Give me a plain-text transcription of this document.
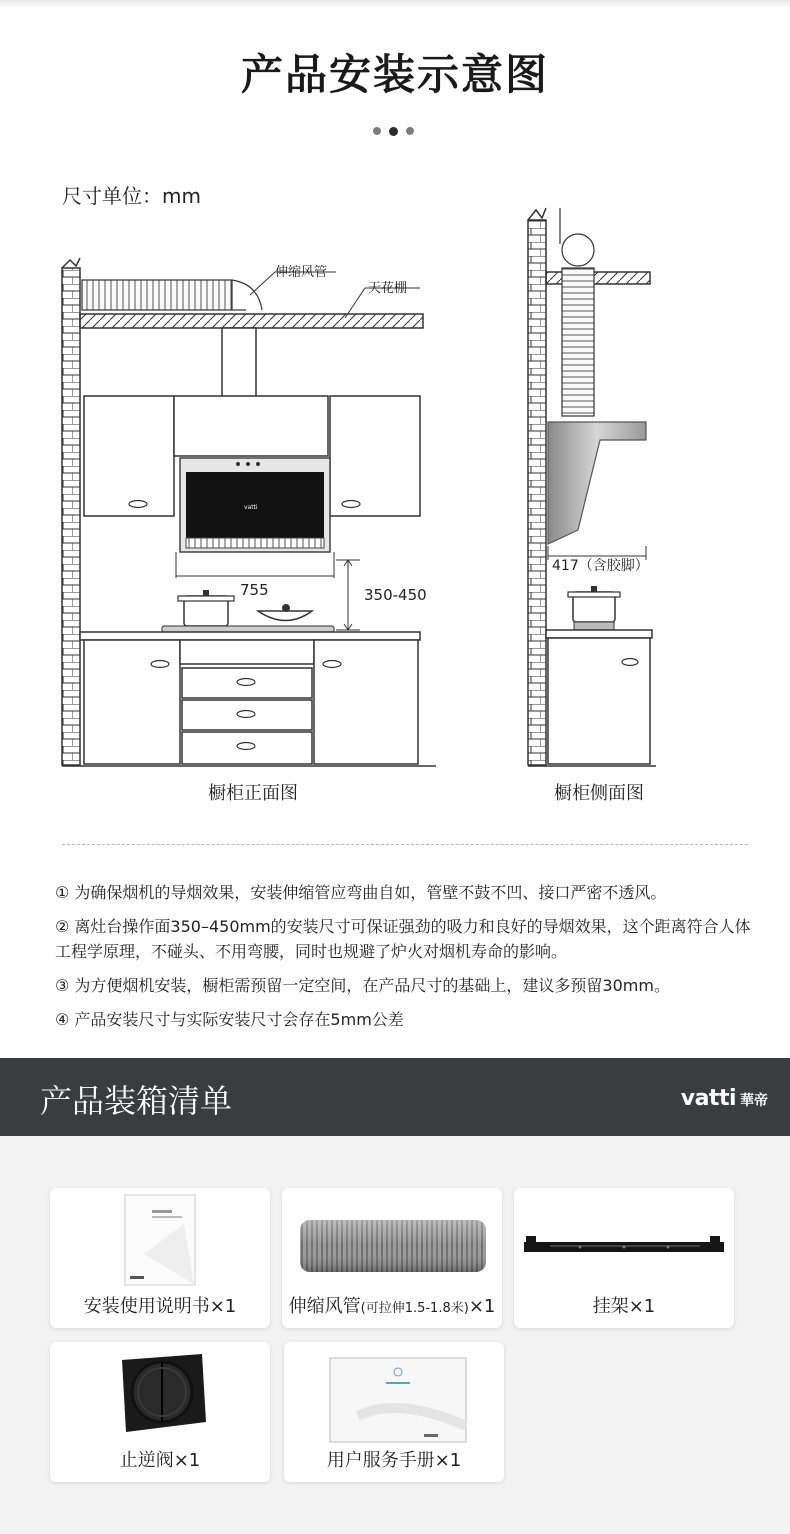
产品安装示意图
尺寸单位：mm
vatti
755	350-450
伸缩风管
天花棚
417（含胶脚）
橱柜正面图	橱柜侧面图

① 为确保烟机的导烟效果，安装伸缩管应弯曲自如，管壁不鼓不凹、接口严密不透风。

② 离灶台操作面350–450mm的安装尺寸可保证强劲的吸力和良好的导烟效果，这个距离符合人体工程学原理，不碰头、不用弯腰，同时也规避了炉火对烟机寿命的影响。

③ 为方便烟机安装，橱柜需预留一定空间，在产品尺寸的基础上，建议多预留30mm。

④ 产品安装尺寸与实际安装尺寸会存在5mm公差

产品装箱清单	vatti 華帝
安装使用说明书×1	伸缩风管(可拉伸1.5-1.8米)×1	挂架×1
止逆阀×1	用户服务手册×1
